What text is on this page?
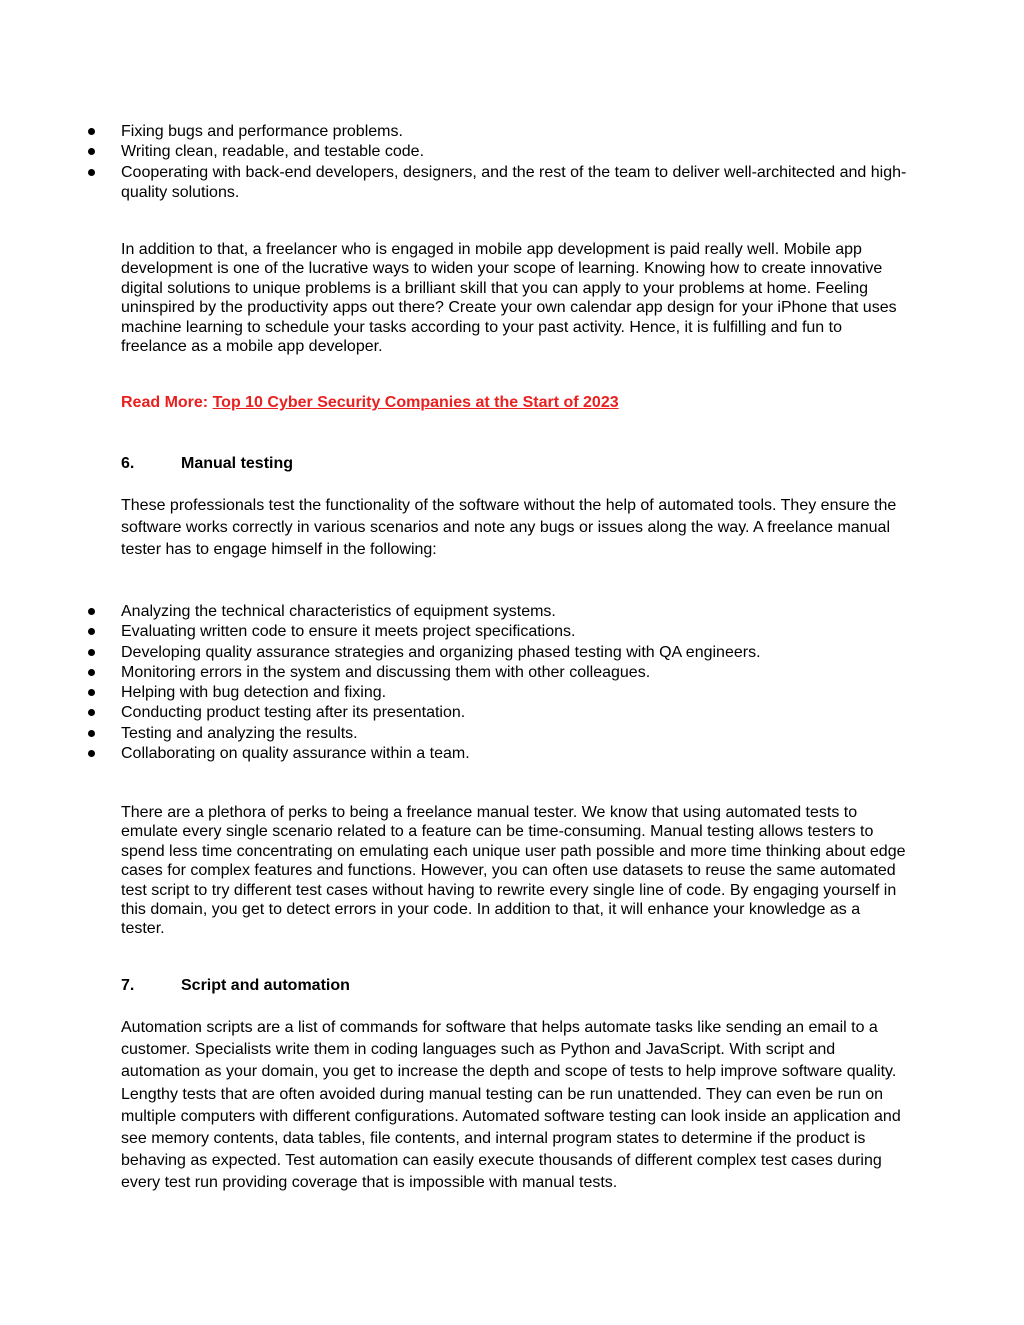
Fixing bugs and performance problems.
Writing clean, readable, and testable code.
Cooperating with back-end developers, designers, and the rest of the team to deliver well-architected and high-quality solutions.

In addition to that, a freelancer who is engaged in mobile app development is paid really well. Mobile app development is one of the lucrative ways to widen your scope of learning. Knowing how to create innovative digital solutions to unique problems is a brilliant skill that you can apply to your problems at home. Feeling uninspired by the productivity apps out there? Create your own calendar app design for your iPhone that uses machine learning to schedule your tasks according to your past activity. Hence, it is fulfilling and fun to freelance as a mobile app developer.

Read More: Top 10 Cyber Security Companies at the Start of 2023
6.	Manual testing

These professionals test the functionality of the software without the help of automated tools. They ensure the software works correctly in various scenarios and note any bugs or issues along the way. A freelance manual tester has to engage himself in the following:

Analyzing the technical characteristics of equipment systems.
Evaluating written code to ensure it meets project specifications.
Developing quality assurance strategies and organizing phased testing with QA engineers.
Monitoring errors in the system and discussing them with other colleagues.
Helping with bug detection and fixing.
Conducting product testing after its presentation.
Testing and analyzing the results.
Collaborating on quality assurance within a team.

There are a plethora of perks to being a freelance manual tester. We know that using automated tests to emulate every single scenario related to a feature can be time-consuming. Manual testing allows testers to spend less time concentrating on emulating each unique user path possible and more time thinking about edge cases for complex features and functions. However, you can often use datasets to reuse the same automated test script to try different test cases without having to rewrite every single line of code. By engaging yourself in this domain, you get to detect errors in your code. In addition to that, it will enhance your knowledge as a tester.

7.	Script and automation

Automation scripts are a list of commands for software that helps automate tasks like sending an email to a customer. Specialists write them in coding languages such as Python and JavaScript. With script and automation as your domain, you get to increase the depth and scope of tests to help improve software quality. Lengthy tests that are often avoided during manual testing can be run unattended. They can even be run on multiple computers with different configurations. Automated software testing can look inside an application and see memory contents, data tables, file contents, and internal program states to determine if the product is behaving as expected. Test automation can easily execute thousands of different complex test cases during every test run providing coverage that is impossible with manual tests.
